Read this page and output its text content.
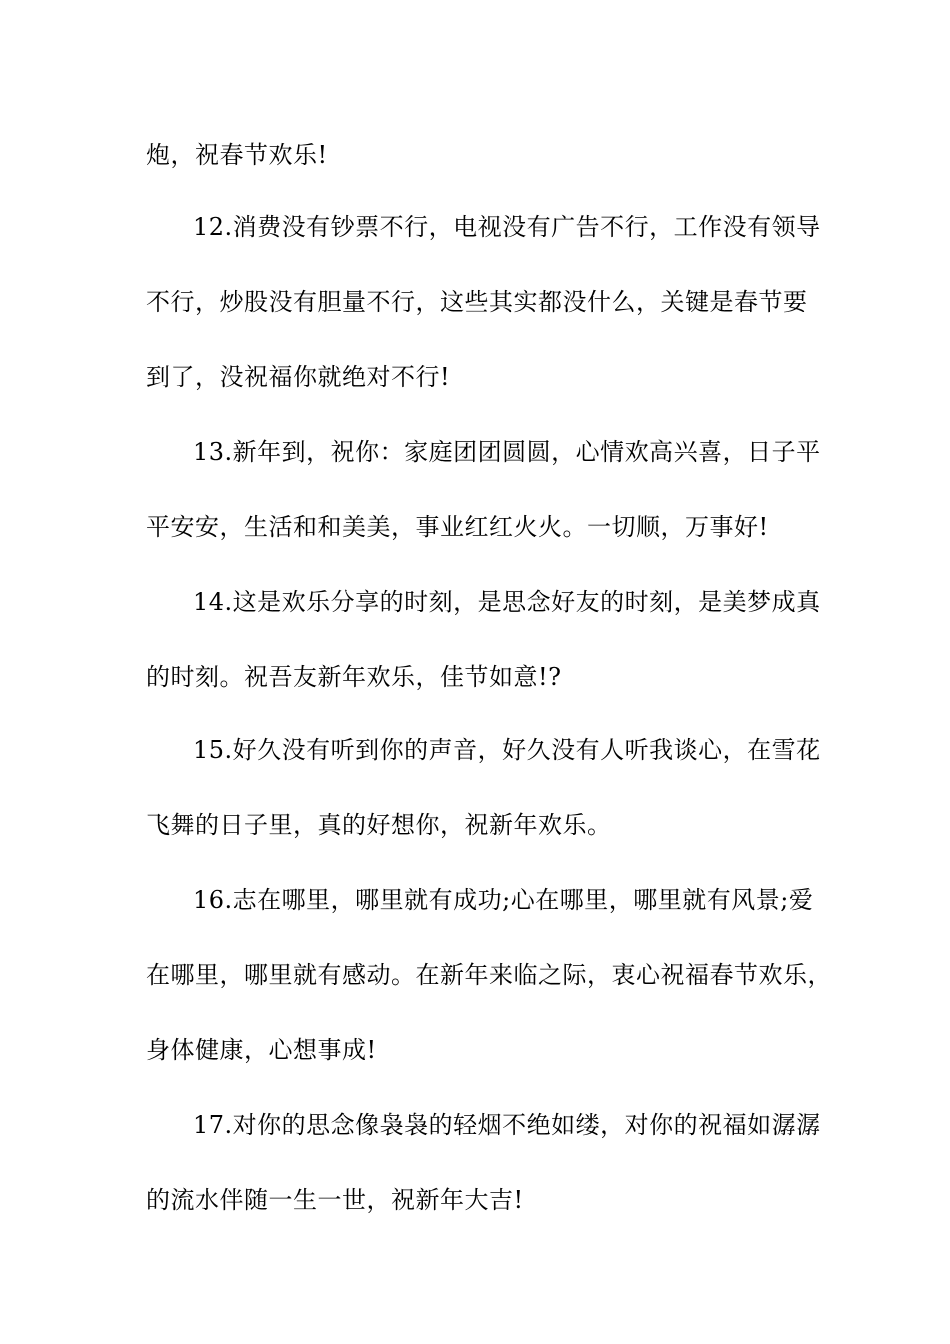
炮，祝春节欢乐!
12.消费没有钞票不行，电视没有广告不行，工作没有领导
不行，炒股没有胆量不行，这些其实都没什么，关键是春节要
到了，没祝福你就绝对不行!
13.新年到，祝你：家庭团团圆圆，心情欢高兴喜，日子平
平安安，生活和和美美，事业红红火火。一切顺，万事好!
14.这是欢乐分享的时刻，是思念好友的时刻，是美梦成真
的时刻。祝吾友新年欢乐，佳节如意!?
15.好久没有听到你的声音，好久没有人听我谈心，在雪花
飞舞的日子里，真的好想你，祝新年欢乐。
16.志在哪里，哪里就有成功;心在哪里，哪里就有风景;爱
在哪里，哪里就有感动。在新年来临之际，衷心祝福春节欢乐，
身体健康，心想事成!
17.对你的思念像袅袅的轻烟不绝如缕，对你的祝福如潺潺
的流水伴随一生一世，祝新年大吉!
